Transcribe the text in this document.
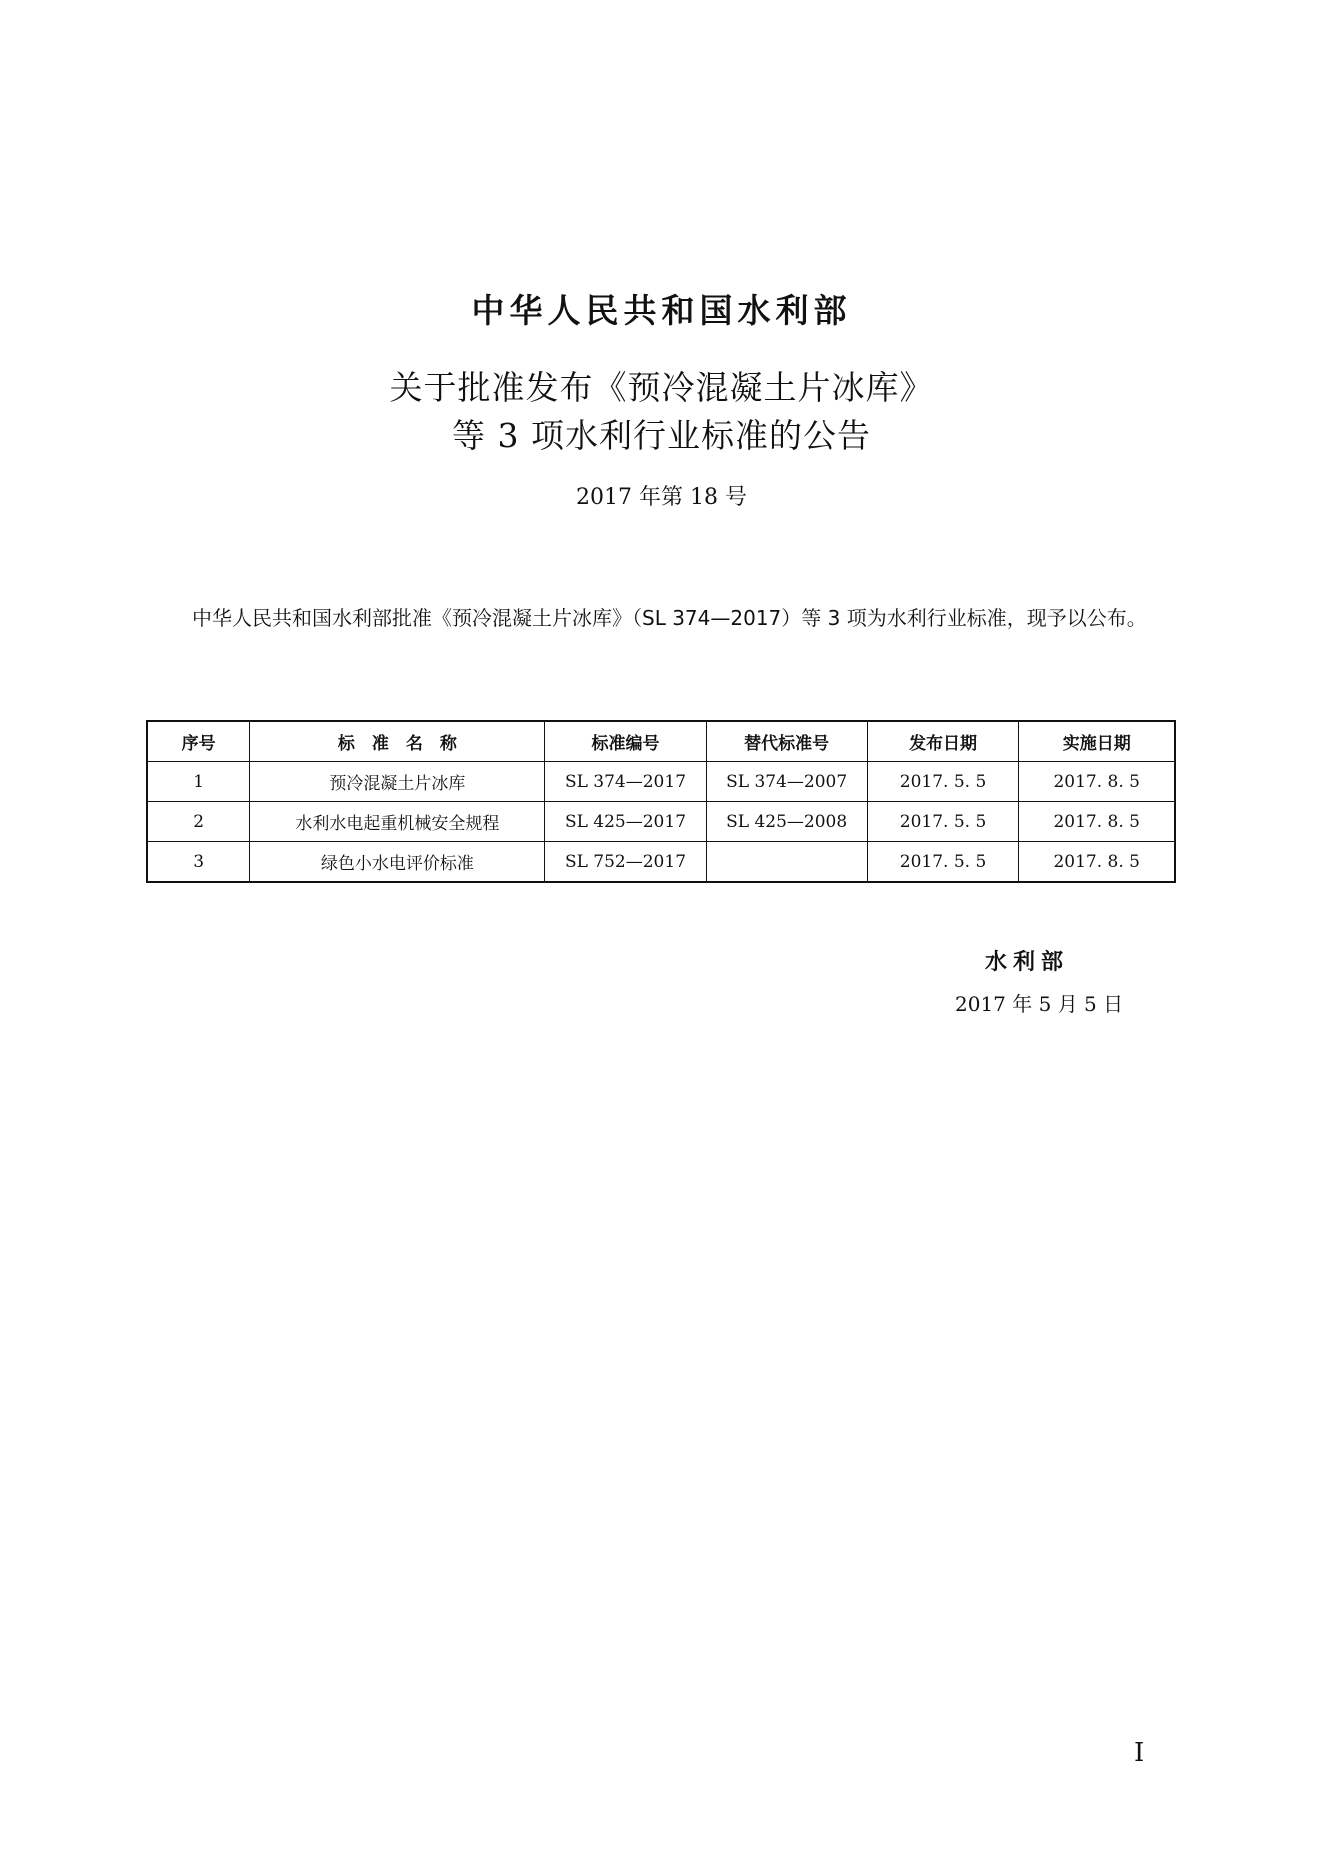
中华人民共和国水利部
关于批准发布《预冷混凝土片冰库》
等 3 项水利行业标准的公告
2017 年第 18 号

中华人民共和国水利部批准《预冷混凝土片冰库》（SL 374—2017）等 3 项为水利行业标准，现予以公布。

序号	标　准　名　称	标准编号	替代标准号	发布日期	实施日期
1	预冷混凝土片冰库	SL 374—2017	SL 374—2007	2017. 5. 5	2017. 8. 5
2	水利水电起重机械安全规程	SL 425—2017	SL 425—2008	2017. 5. 5	2017. 8. 5
3	绿色小水电评价标准	SL 752—2017		2017. 5. 5	2017. 8. 5
水利部
2017 年 5 月 5 日
I
